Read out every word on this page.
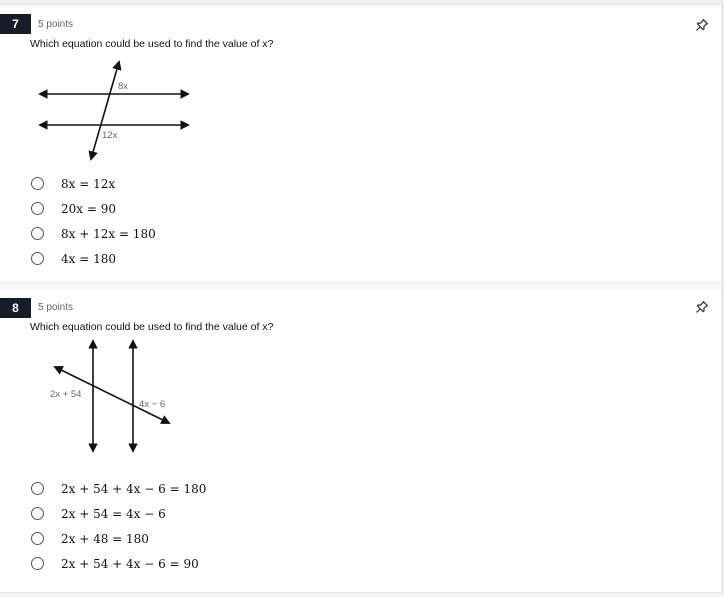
7	5 points
Which equation could be used to find the value of x?
8x
12x
8x = 12x
20x = 90
8x + 12x = 180
4x = 180
8	5 points
Which equation could be used to find the value of x?
2x + 54
4x − 6
2x + 54 + 4x − 6 = 180
2x + 54 = 4x − 6
2x + 48 = 180
2x + 54 + 4x − 6 = 90
